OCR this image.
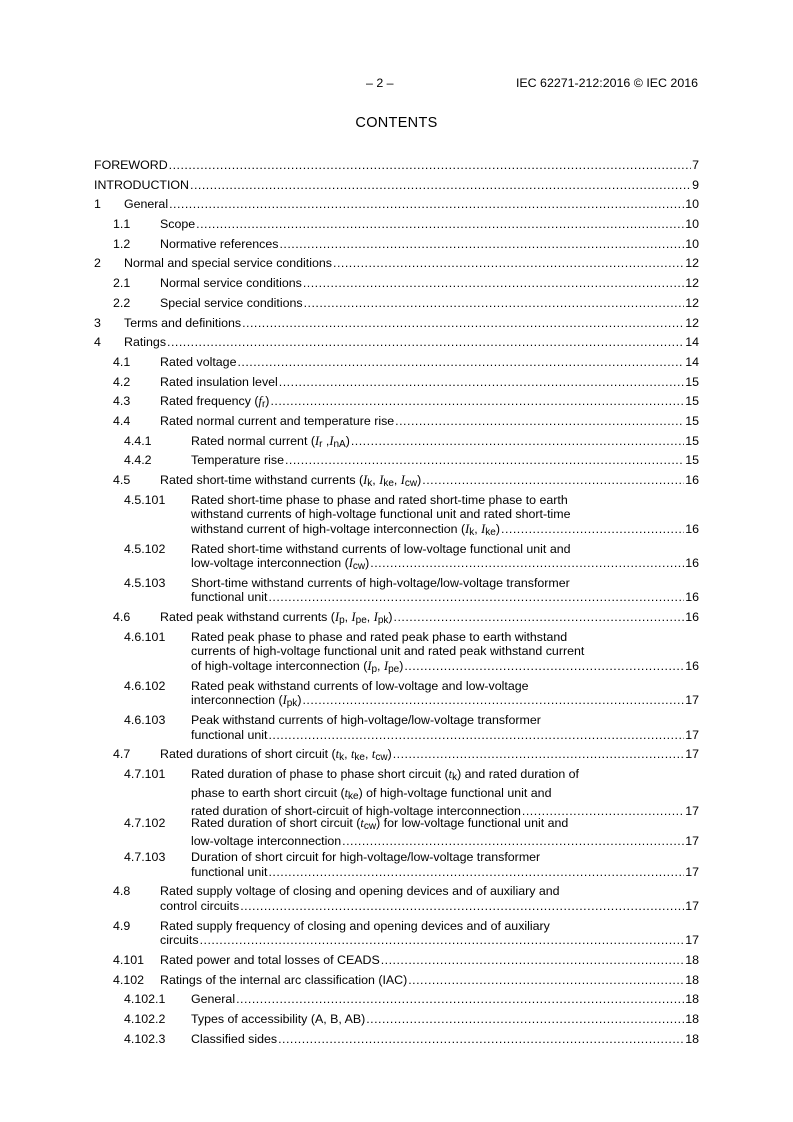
– 2 –	IEC 62271-212:2016 © IEC 2016
CONTENTS
FOREWORD .....	7
INTRODUCTION .....	9
1 General .....	10
1.1 Scope .....	10
1.2 Normative references .....	10
2 Normal and special service conditions .....	12
2.1 Normal service conditions .....	12
2.2 Special service conditions .....	12
3 Terms and definitions .....	12
4 Ratings .....	14
4.1 Rated voltage .....	14
4.2 Rated insulation level .....	15
4.3 Rated frequency $(f_r)$ .....	15
4.4 Rated normal current and temperature rise .....	15
4.4.1	Rated normal current ($I_r$ $,I_{nA}$) .....	15
4.4.2	Temperature rise .....	15
4.5 Rated short-time withstand currents ($I_k$, $I_{ke}$, $I_{cw}$) .....	16
4.5.101 Rated short-time phase to phase and rated short-time phase to earth
withstand currents of high-voltage functional unit and rated short-time
withstand current of high-voltage interconnection ($I_k$, $I_{ke}$) .....	16
4.5.102 Rated short-time withstand currents of low-voltage functional unit and
low-voltage interconnection $(I_{cw})$ .....	16
4.5.103 Short-time withstand currents of high-voltage/low-voltage transformer
functional unit .....	16
4.6 Rated peak withstand currents ($I_p$, $I_{pe}$, $I_{pk}$) .....	16
4.6.101 Rated peak phase to phase and rated peak phase to earth withstand
currents of high-voltage functional unit and rated peak withstand current
of high-voltage interconnection ($I_p$, $I_{pe}$) .....	16
4.6.102 Rated peak withstand currents of low-voltage and low-voltage
interconnection $(I_{pk})$ .....	17
4.6.103 Peak withstand currents of high-voltage/low-voltage transformer
functional unit .....	17
4.7 Rated durations of short circuit ($t_k$, $t_{ke}$, $t_{cw}$) .....	17
4.7.101 Rated duration of phase to phase short circuit $(t_k)$ and rated duration of
phase to earth short circuit $(t_{ke})$ of high-voltage functional unit and
rated duration of short-circuit of high-voltage interconnection .....	17
4.7.102 Rated duration of short circuit $(t_{cw})$ for low-voltage functional unit and
low-voltage interconnection .....	17
4.7.103 Duration of short circuit for high-voltage/low-voltage transformer
functional unit .....	17
4.8 Rated supply voltage of closing and opening devices and of auxiliary and
control circuits .....	17
4.9 Rated supply frequency of closing and opening devices and of auxiliary
circuits .....	17
4.101 Rated power and total losses of CEADS .....	18
4.102 Ratings of the internal arc classification (IAC) .....	18
4.102.1 General .....	18
4.102.2 Types of accessibility (A, B, AB) .....	18
4.102.3 Classified sides .....	18
